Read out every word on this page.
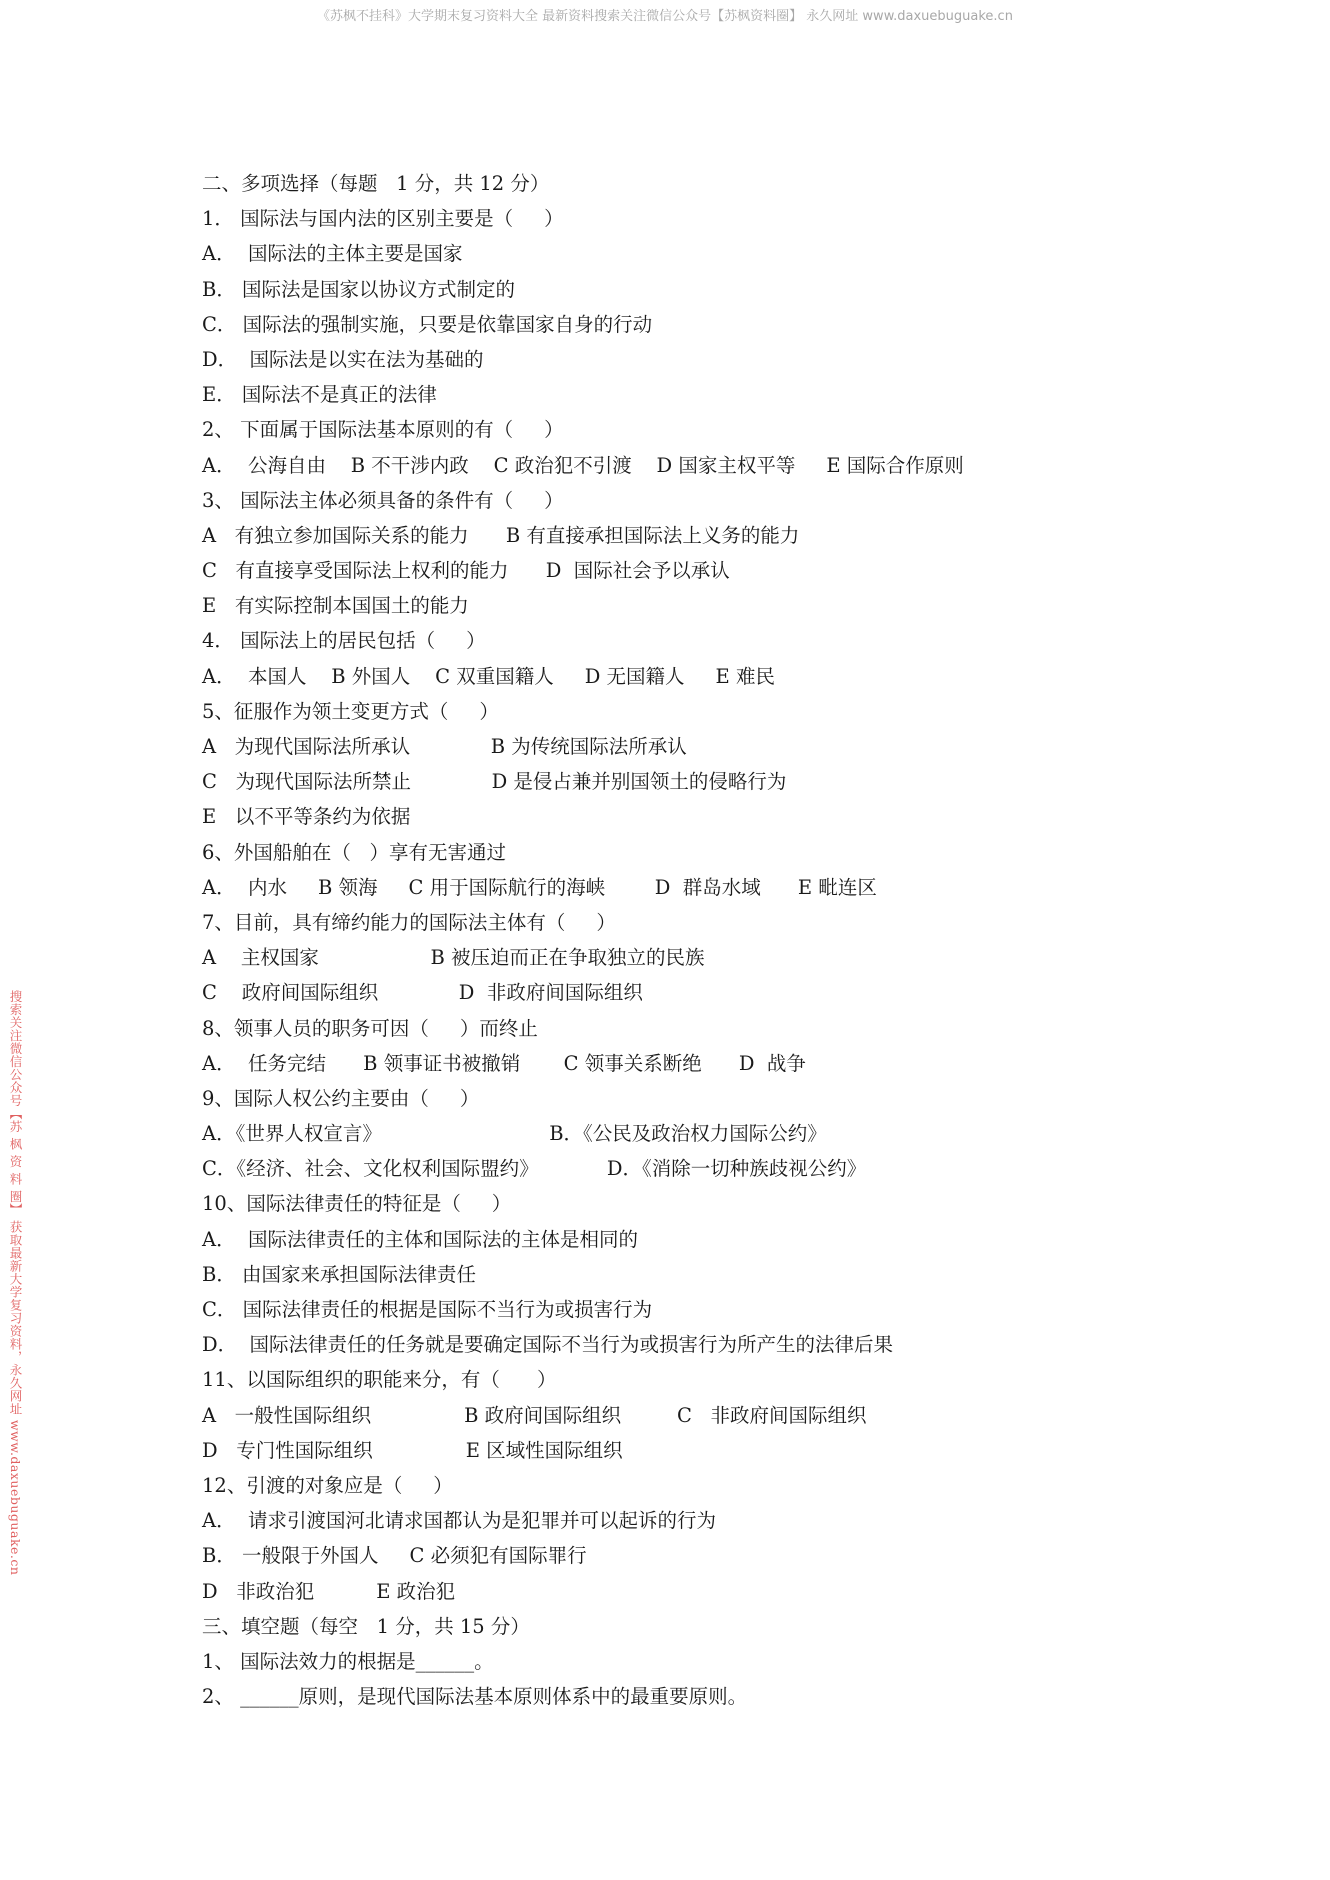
《苏枫不挂科》大学期末复习资料大全 最新资料搜索关注微信公众号【苏枫资料圈】 永久网址 www.daxuebuguake.cn
搜索关注微信公众号【苏 枫 资 料 圈】 获取最新大学复习资料，永久网址 www.daxuebuguake.cn
二、多项选择（每题   1 分，共 12 分）
1． 国际法与国内法的区别主要是（     ）
A．  国际法的主体主要是国家
B． 国际法是国家以协议方式制定的
C． 国际法的强制实施，只要是依靠国家自身的行动
D．  国际法是以实在法为基础的
E． 国际法不是真正的法律
2、 下面属于国际法基本原则的有（     ）
A．  公海自由    B 不干涉内政    C 政治犯不引渡    D 国家主权平等     E 国际合作原则
3、 国际法主体必须具备的条件有（     ）
A   有独立参加国际关系的能力      B 有直接承担国际法上义务的能力
C   有直接享受国际法上权利的能力      D  国际社会予以承认
E   有实际控制本国国土的能力
4． 国际法上的居民包括（     ）
A．  本国人    B 外国人    C 双重国籍人     D 无国籍人     E 难民
5、征服作为领土变更方式（     ）
A   为现代国际法所承认             B 为传统国际法所承认
C   为现代国际法所禁止             D 是侵占兼并别国领土的侵略行为
E   以不平等条约为依据
6、外国船舶在（   ）享有无害通过
A．  内水     B 领海     C 用于国际航行的海峡        D  群岛水域      E 毗连区
7、目前，具有缔约能力的国际法主体有（     ）
A    主权国家                  B 被压迫而正在争取独立的民族
C    政府间国际组织             D  非政府间国际组织
8、领事人员的职务可因（     ）而终止
A．  任务完结      B 领事证书被撤销       C 领事关系断绝      D  战争
9、国际人权公约主要由（     ）
A．《世界人权宣言》                           B．《公民及政治权力国际公约》
C．《经济、社会、文化权利国际盟约》           D．《消除一切种族歧视公约》
10、国际法律责任的特征是（     ）
A．  国际法律责任的主体和国际法的主体是相同的
B． 由国家来承担国际法律责任
C． 国际法律责任的根据是国际不当行为或损害行为
D．  国际法律责任的任务就是要确定国际不当行为或损害行为所产生的法律后果
11、以国际组织的职能来分，有（      ）
A   一般性国际组织               B 政府间国际组织         C   非政府间国际组织
D   专门性国际组织               E 区域性国际组织
12、引渡的对象应是（     ）
A．  请求引渡国河北请求国都认为是犯罪并可以起诉的行为
B． 一般限于外国人     C 必须犯有国际罪行
D   非政治犯          E 政治犯
三、填空题（每空   1 分，共 15 分）
1、 国际法效力的根据是______。
2、 ______原则，是现代国际法基本原则体系中的最重要原则。
